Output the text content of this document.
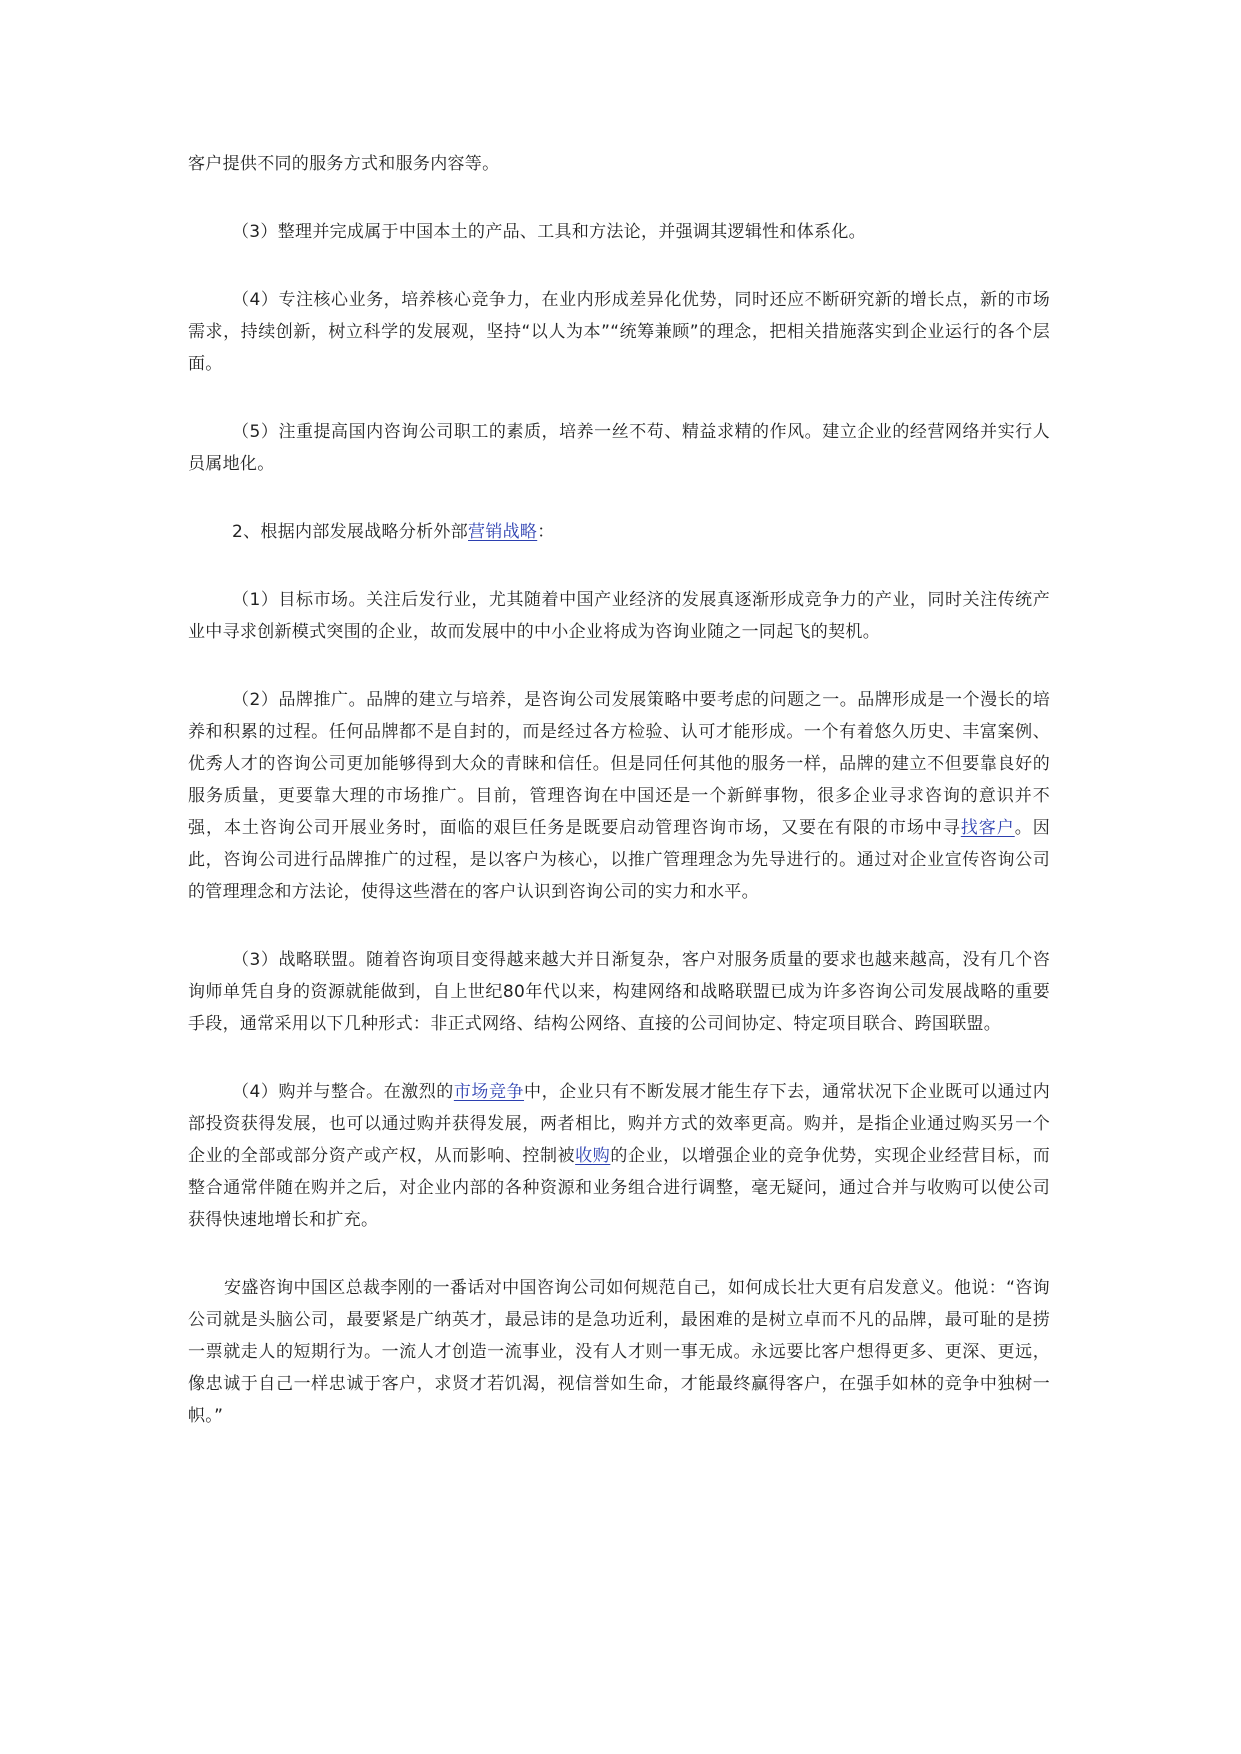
客户提供不同的服务方式和服务内容等。

（3）整理并完成属于中国本土的产品、工具和方法论，并强调其逻辑性和体系化。

（4）专注核心业务，培养核心竞争力，在业内形成差异化优势，同时还应不断研究新的增长点，新的市场需求，持续创新，树立科学的发展观，坚持“以人为本”“统筹兼顾”的理念，把相关措施落实到企业运行的各个层面。

（5）注重提高国内咨询公司职工的素质，培养一丝不苟、精益求精的作风。建立企业的经营网络并实行人员属地化。

2、根据内部发展战略分析外部营销战略：

（1）目标市场。关注后发行业，尤其随着中国产业经济的发展真逐渐形成竞争力的产业，同时关注传统产业中寻求创新模式突围的企业，故而发展中的中小企业将成为咨询业随之一同起飞的契机。

（2）品牌推广。品牌的建立与培养，是咨询公司发展策略中要考虑的问题之一。品牌形成是一个漫长的培养和积累的过程。任何品牌都不是自封的，而是经过各方检验、认可才能形成。一个有着悠久历史、丰富案例、优秀人才的咨询公司更加能够得到大众的青睐和信任。但是同任何其他的服务一样，品牌的建立不但要靠良好的服务质量，更要靠大理的市场推广。目前，管理咨询在中国还是一个新鲜事物，很多企业寻求咨询的意识并不强，本土咨询公司开展业务时，面临的艰巨任务是既要启动管理咨询市场，又要在有限的市场中寻找客户。因此，咨询公司进行品牌推广的过程，是以客户为核心，以推广管理理念为先导进行的。通过对企业宣传咨询公司的管理理念和方法论，使得这些潜在的客户认识到咨询公司的实力和水平。

（3）战略联盟。随着咨询项目变得越来越大并日渐复杂，客户对服务质量的要求也越来越高，没有几个咨询师单凭自身的资源就能做到，自上世纪80年代以来，构建网络和战略联盟已成为许多咨询公司发展战略的重要手段，通常采用以下几种形式：非正式网络、结构公网络、直接的公司间协定、特定项目联合、跨国联盟。

（4）购并与整合。在激烈的市场竞争中，企业只有不断发展才能生存下去，通常状况下企业既可以通过内部投资获得发展，也可以通过购并获得发展，两者相比，购并方式的效率更高。购并，是指企业通过购买另一个企业的全部或部分资产或产权，从而影响、控制被收购的企业，以增强企业的竞争优势，实现企业经营目标，而整合通常伴随在购并之后，对企业内部的各种资源和业务组合进行调整，毫无疑问，通过合并与收购可以使公司获得快速地增长和扩充。

安盛咨询中国区总裁李刚的一番话对中国咨询公司如何规范自己，如何成长壮大更有启发意义。他说：“咨询公司就是头脑公司，最要紧是广纳英才，最忌讳的是急功近利，最困难的是树立卓而不凡的品牌，最可耻的是捞一票就走人的短期行为。一流人才创造一流事业，没有人才则一事无成。永远要比客户想得更多、更深、更远，像忠诚于自己一样忠诚于客户，求贤才若饥渴，视信誉如生命，才能最终赢得客户，在强手如林的竞争中独树一帜。”
